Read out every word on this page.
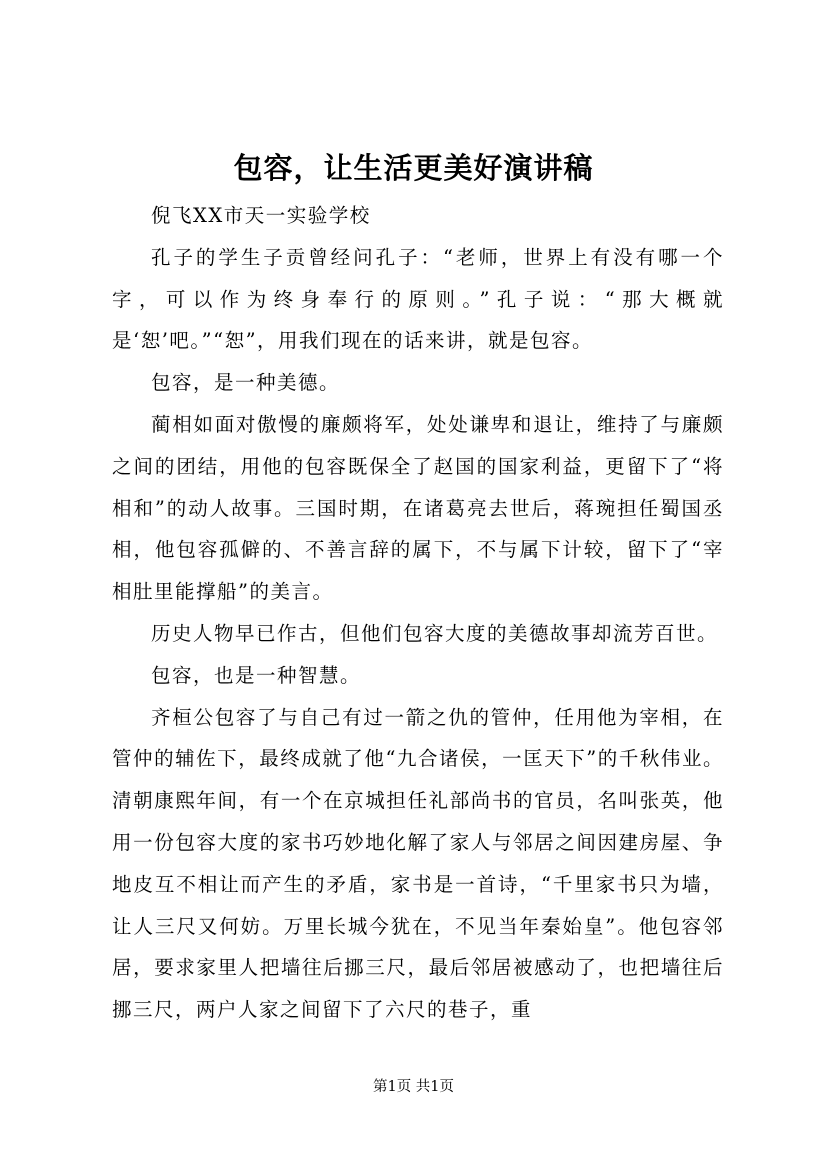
包容，让生活更美好演讲稿

倪飞XX市天一实验学校

孔子的学生子贡曾经问孔子：“老师，世界上有没有哪一个字，可以作为终身奉行的原则。”孔子说：“那大概就是‘恕’吧。”“恕”，用我们现在的话来讲，就是包容。

包容，是一种美德。

蔺相如面对傲慢的廉颇将军，处处谦卑和退让，维持了与廉颇之间的团结，用他的包容既保全了赵国的国家利益，更留下了“将相和”的动人故事。三国时期，在诸葛亮去世后，蒋琬担任蜀国丞相，他包容孤僻的、不善言辞的属下，不与属下计较，留下了“宰相肚里能撑船”的美言。

历史人物早已作古，但他们包容大度的美德故事却流芳百世。

包容，也是一种智慧。

齐桓公包容了与自己有过一箭之仇的管仲，任用他为宰相，在管仲的辅佐下，最终成就了他“九合诸侯，一匡天下”的千秋伟业。清朝康熙年间，有一个在京城担任礼部尚书的官员，名叫张英，他用一份包容大度的家书巧妙地化解了家人与邻居之间因建房屋、争地皮互不相让而产生的矛盾，家书是一首诗，“千里家书只为墙，让人三尺又何妨。万里长城今犹在，不见当年秦始皇”。他包容邻居，要求家里人把墙往后挪三尺，最后邻居被感动了，也把墙往后挪三尺，两户人家之间留下了六尺的巷子，重

第1页 共1页
